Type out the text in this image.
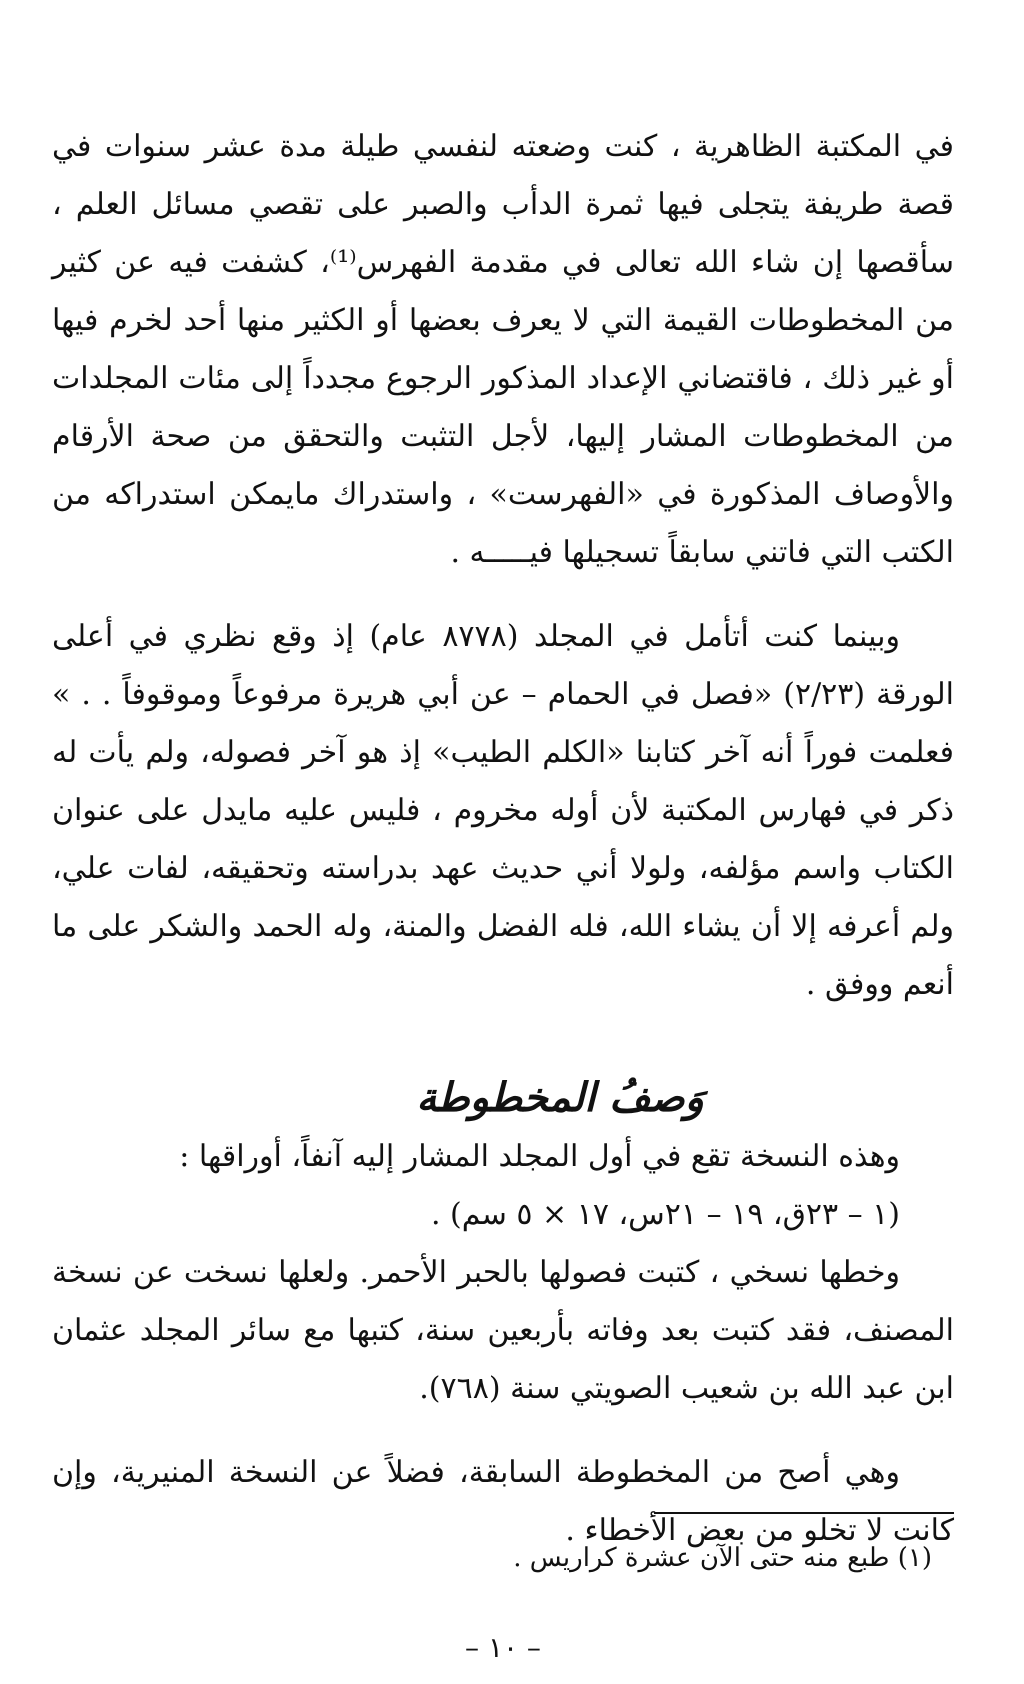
في المكتبة الظاهرية ، كنت وضعته لنفسي طيلة مدة عشر سنوات في قصة طريفة يتجلى فيها ثمرة الدأب والصبر على تقصي مسائل العلم ، سأقصها إن شاء الله تعالى في مقدمة الفهرس⁽¹⁾، كشفت فيه عن كثير من المخطوطات القيمة التي لا يعرف بعضها أو الكثير منها أحد لخرم فيها أو غير ذلك ، فاقتضاني الإعداد المذكور الرجوع مجدداً إلى مئات المجلدات من المخطوطات المشار إليها، لأجل التثبت والتحقق من صحة الأرقام والأوصاف المذكورة في «الفهرست» ، واستدراك مايمكن استدراكه من الكتب التي فاتني سابقاً تسجيلها فيـــــه .

وبينما كنت أتأمل في المجلد (٨٧٧٨ عام) إذ وقع نظري في أعلى الورقة (٢/٢٣) «فصل في الحمام – عن أبي هريرة مرفوعاً وموقوفاً . . » فعلمت فوراً أنه آخر كتابنا «الكلم الطيب» إذ هو آخر فصوله، ولم يأت له ذكر في فهارس المكتبة لأن أوله مخروم ، فليس عليه مايدل على عنوان الكتاب واسم مؤلفه، ولولا أني حديث عهد بدراسته وتحقيقه، لفات علي، ولم أعرفه إلا أن يشاء الله، فله الفضل والمنة، وله الحمد والشكر على ما أنعم ووفق .

وَصفُ المخطوطة

وهذه النسخة تقع في أول المجلد المشار إليه آنفاً، أوراقها :

(١ – ٢٣ق، ١٩ – ٢١س، ١٧ × ٥ سم) .

وخطها نسخي ، كتبت فصولها بالحبر الأحمر. ولعلها نسخت عن نسخة المصنف، فقد كتبت بعد وفاته بأربعين سنة، كتبها مع سائر المجلد عثمان ابن عبد الله بن شعيب الصويتي سنة (٧٦٨).

وهي أصح من المخطوطة السابقة، فضلاً عن النسخة المنيرية، وإن كانت لا تخلو من بعض الأخطاء .

(١) طبع منه حتى الآن عشرة كراريس .

– ١٠ –
